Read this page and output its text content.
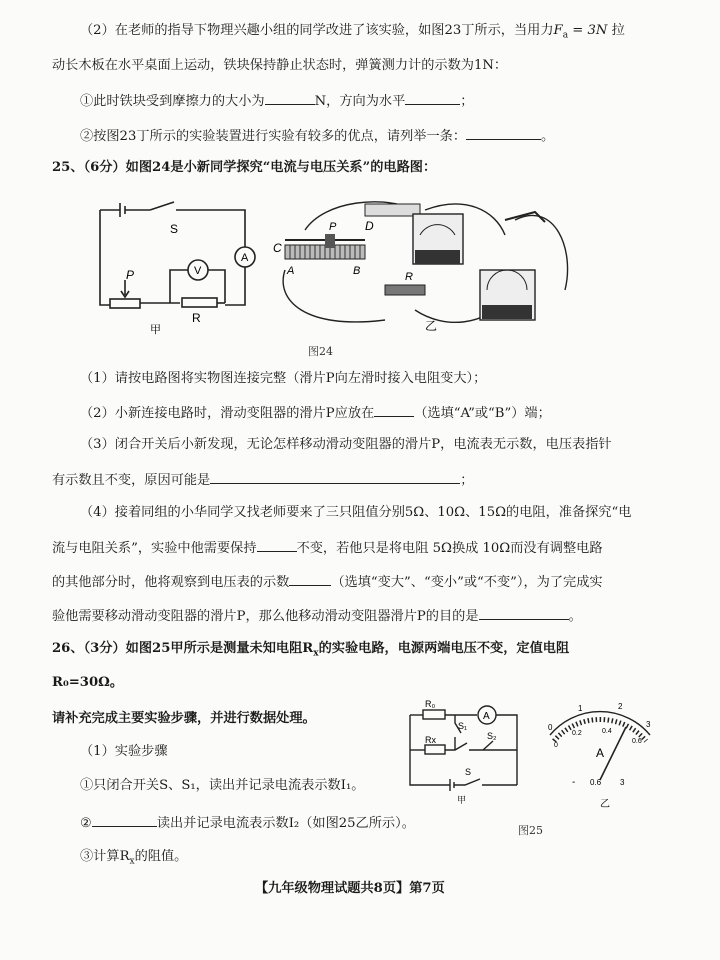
（2）在老师的指导下物理兴趣小组的同学改进了该实验，如图23丁所示，当用力$F_a = 3N$ 拉
动长木板在水平桌面上运动，铁块保持静止状态时，弹簧测力计的示数为1N：
①此时铁块受到摩擦力的大小为	N，方向为水平	；
②按图23丁所示的实验装置进行实验有较多的优点，请列举一条：	。
25、（6分）如图24是小新同学探究“电流与电压关系”的电路图：
S
A
V
P
R
甲
C
D
A	B
P
R
乙
图24
（1）请按电路图将实物图连接完整（滑片P向左滑时接入电阻变大）；
（2）小新连接电路时，滑动变阻器的滑片P应放在	（选填“A”或“B”）端；
（3）闭合开关后小新发现，无论怎样移动滑动变阻器的滑片P，电流表无示数，电压表指针
有示数且不变，原因可能是	；
（4）接着同组的小华同学又找老师要来了三只阻值分别5Ω、10Ω、15Ω的电阻，准备探究“电
流与电阻关系”，实验中他需要保持	不变，若他只是将电阻 5Ω换成 10Ω而没有调整电路
的其他部分时，他将观察到电压表的示数	（选填“变大”、“变小”或“不变”），为了完成实
验他需要移动滑动变阻器的滑片P，那么他移动滑动变阻器滑片P的目的是	。
26、（3分）如图25甲所示是测量未知电阻$R_x$的实验电路，电源两端电压不变，定值电阻
R₀=30Ω。
请补充完成主要实验步骤，并进行数据处理。
（1）实验步骤
①只闭合开关S、S₁，读出并记录电流表示数I₁。
②	读出并记录电流表示数I₂（如图25乙所示）。
③计算$R_x$的阻值。
A
R₀
Rx
S₁
S₂
S
甲
0
1	2
3
0
0.2	0.4
0.6
A
- 0.6 3
乙
图25
【九年级物理试题共8页】第7页
